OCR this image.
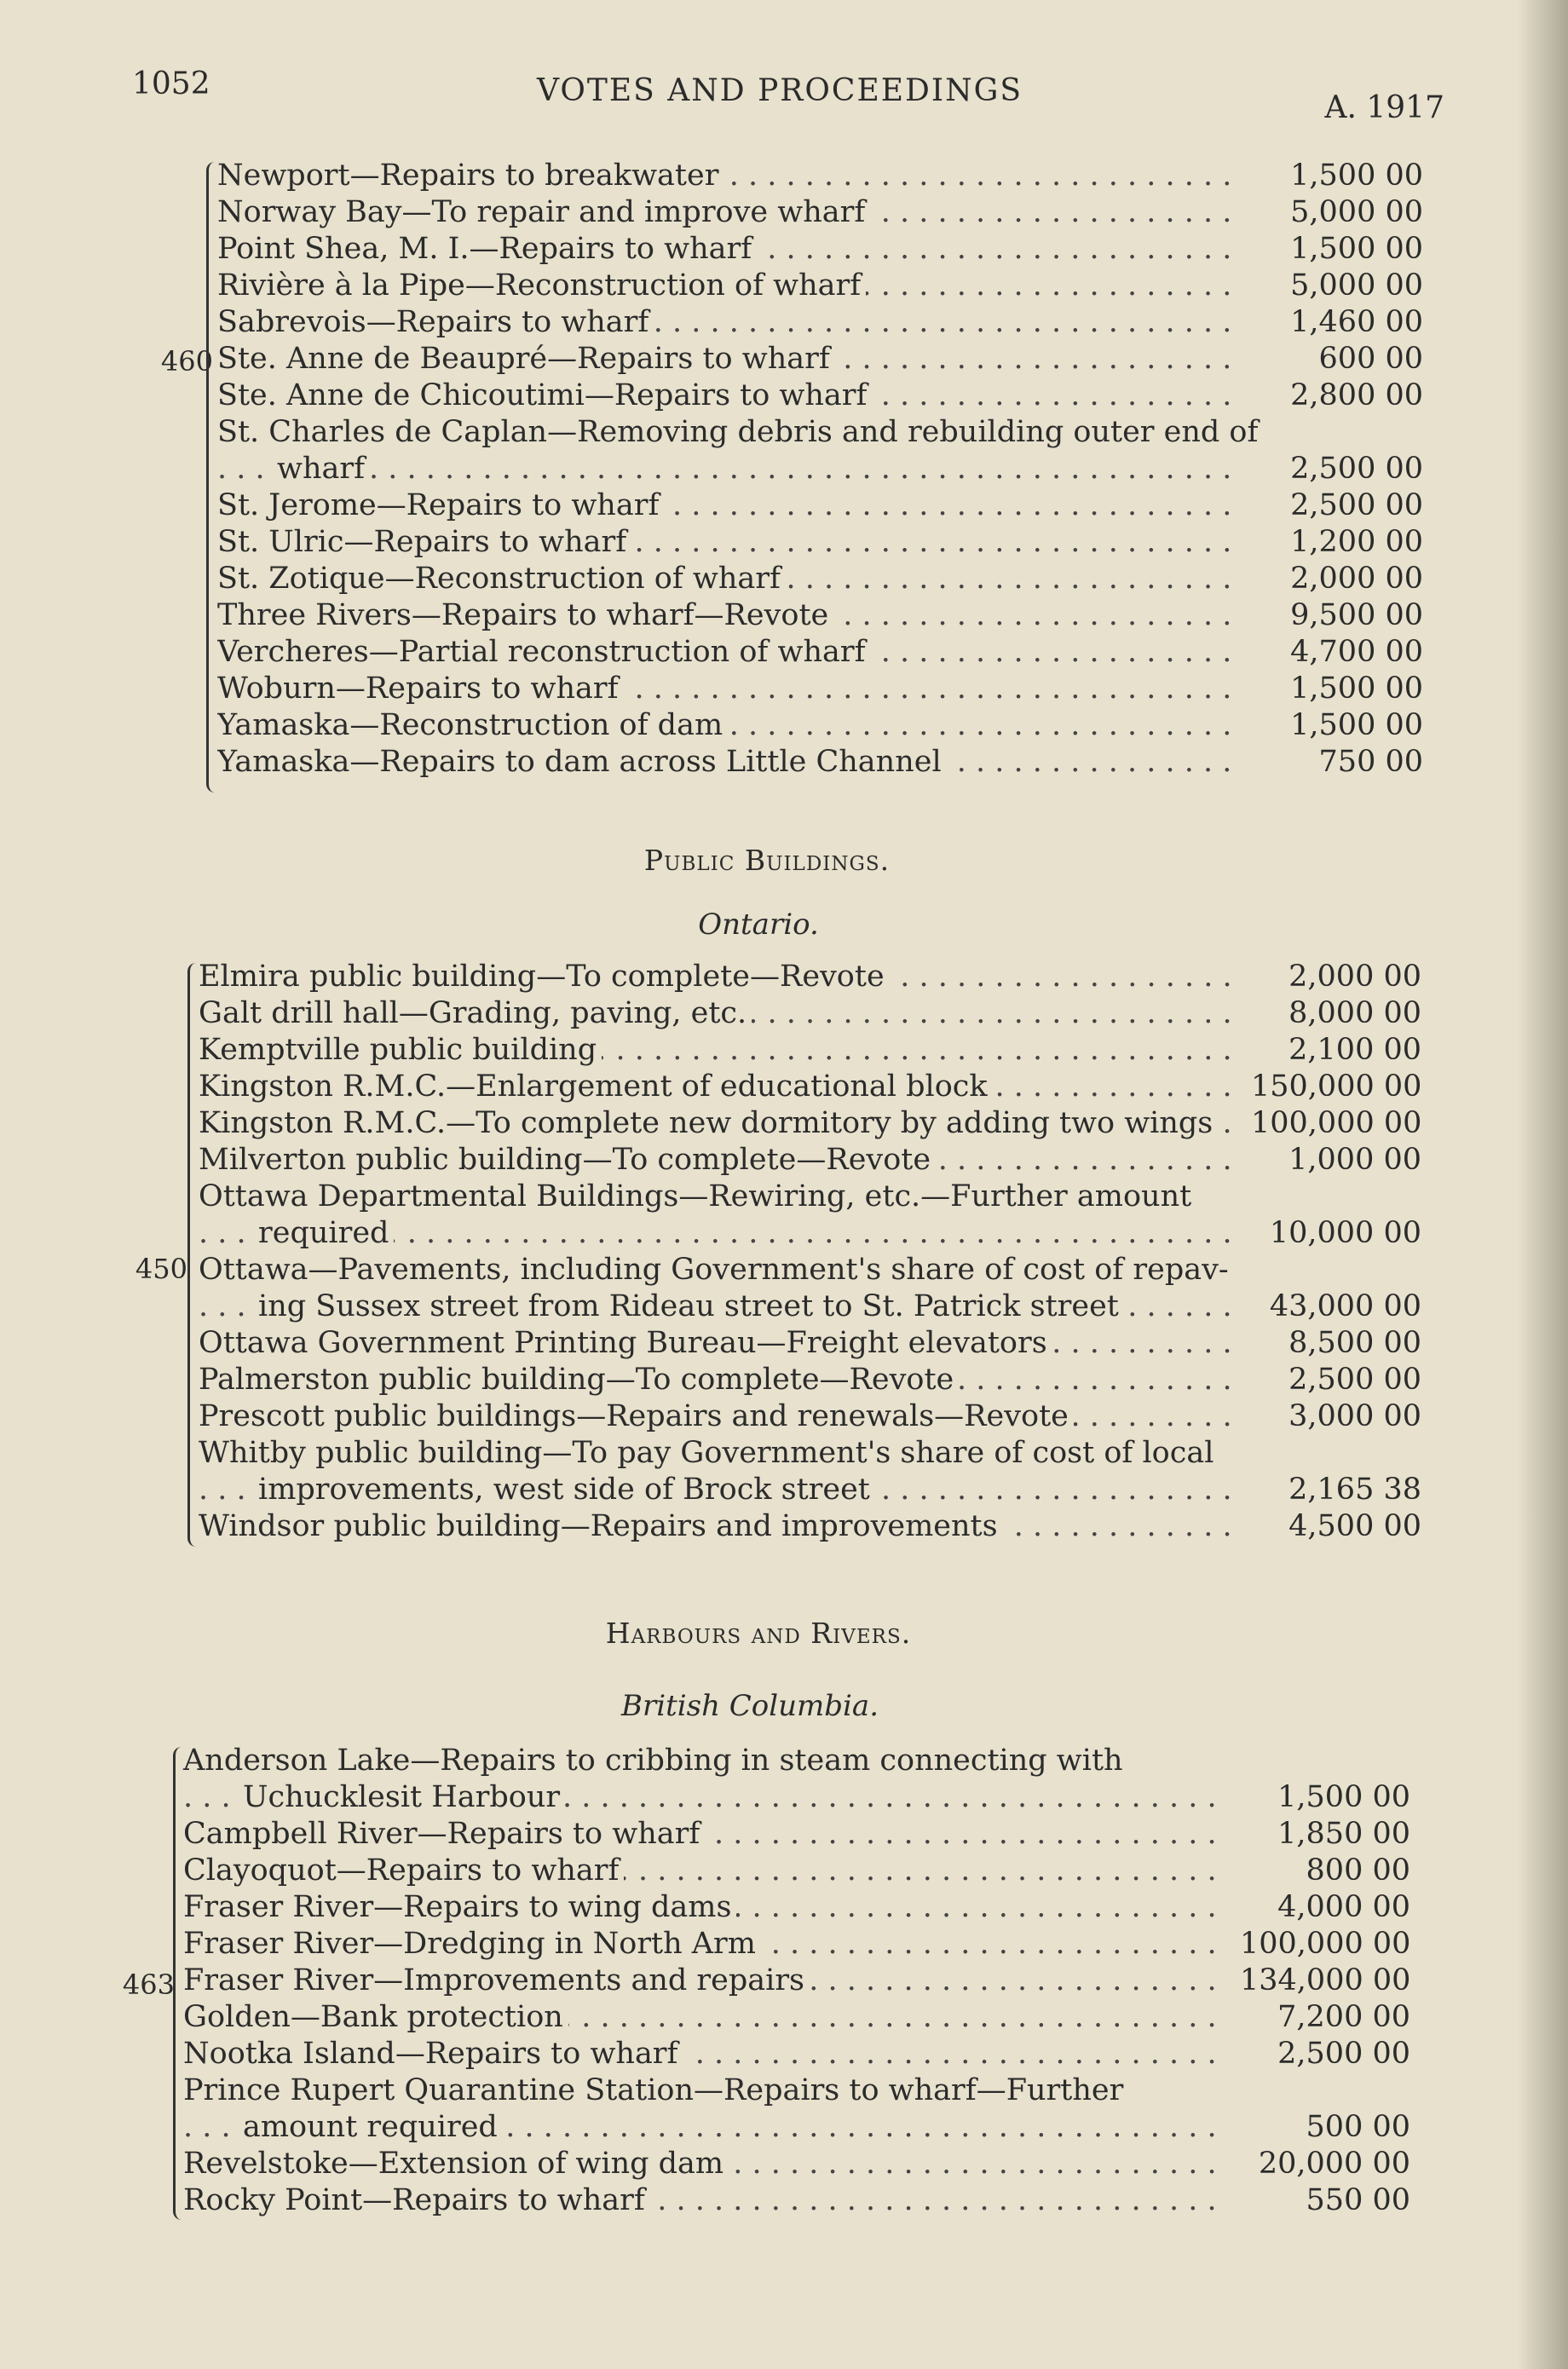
1052	VOTES AND PROCEEDINGS	A. 1917
460
Newport—Repairs to breakwater . . .	1,500 00
Norway Bay—To repair and improve wharf . . .	5,000 00
Point Shea, M. I.—Repairs to wharf . . .	1,500 00
Rivière à la Pipe—Reconstruction of wharf . . .	5,000 00
Sabrevois—Repairs to wharf . . .	1,460 00
Ste. Anne de Beaupré—Repairs to wharf . . .	600 00
Ste. Anne de Chicoutimi—Repairs to wharf . . .	2,800 00
St. Charles de Caplan—Removing debris and rebuilding outer end of
wharf . . .	2,500 00
St. Jerome—Repairs to wharf . . .	2,500 00
St. Ulric—Repairs to wharf . . .	1,200 00
St. Zotique—Reconstruction of wharf . . .	2,000 00
Three Rivers—Repairs to wharf—Revote . . .	9,500 00
Vercheres—Partial reconstruction of wharf . . .	4,700 00
Woburn—Repairs to wharf . . .	1,500 00
Yamaska—Reconstruction of dam . . .	1,500 00
Yamaska—Repairs to dam across Little Channel . . .	750 00
Public Buildings.
Ontario.
450
Elmira public building—To complete—Revote . . .	2,000 00
Galt drill hall—Grading, paving, etc. . . .	8,000 00
Kemptville public building . . .	2,100 00
Kingston R.M.C.—Enlargement of educational block . . .	150,000 00
Kingston R.M.C.—To complete new dormitory by adding two wings . . .	100,000 00
Milverton public building—To complete—Revote . . .	1,000 00
Ottawa Departmental Buildings—Rewiring, etc.—Further amount
required . . .	10,000 00
Ottawa—Pavements, including Government's share of cost of repav-
ing Sussex street from Rideau street to St. Patrick street . . .	43,000 00
Ottawa Government Printing Bureau—Freight elevators . . .	8,500 00
Palmerston public building—To complete—Revote . . .	2,500 00
Prescott public buildings—Repairs and renewals—Revote . . .	3,000 00
Whitby public building—To pay Government's share of cost of local
improvements, west side of Brock street . . .	2,165 38
Windsor public building—Repairs and improvements . . .	4,500 00
Harbours and Rivers.
British Columbia.
463
Anderson Lake—Repairs to cribbing in steam connecting with
Uchucklesit Harbour . . .	1,500 00
Campbell River—Repairs to wharf . . .	1,850 00
Clayoquot—Repairs to wharf . . .	800 00
Fraser River—Repairs to wing dams . . .	4,000 00
Fraser River—Dredging in North Arm . . .	100,000 00
Fraser River—Improvements and repairs . . .	134,000 00
Golden—Bank protection . . .	7,200 00
Nootka Island—Repairs to wharf . . .	2,500 00
Prince Rupert Quarantine Station—Repairs to wharf—Further
amount required . . .	500 00
Revelstoke—Extension of wing dam . . .	20,000 00
Rocky Point—Repairs to wharf . . .	550 00
